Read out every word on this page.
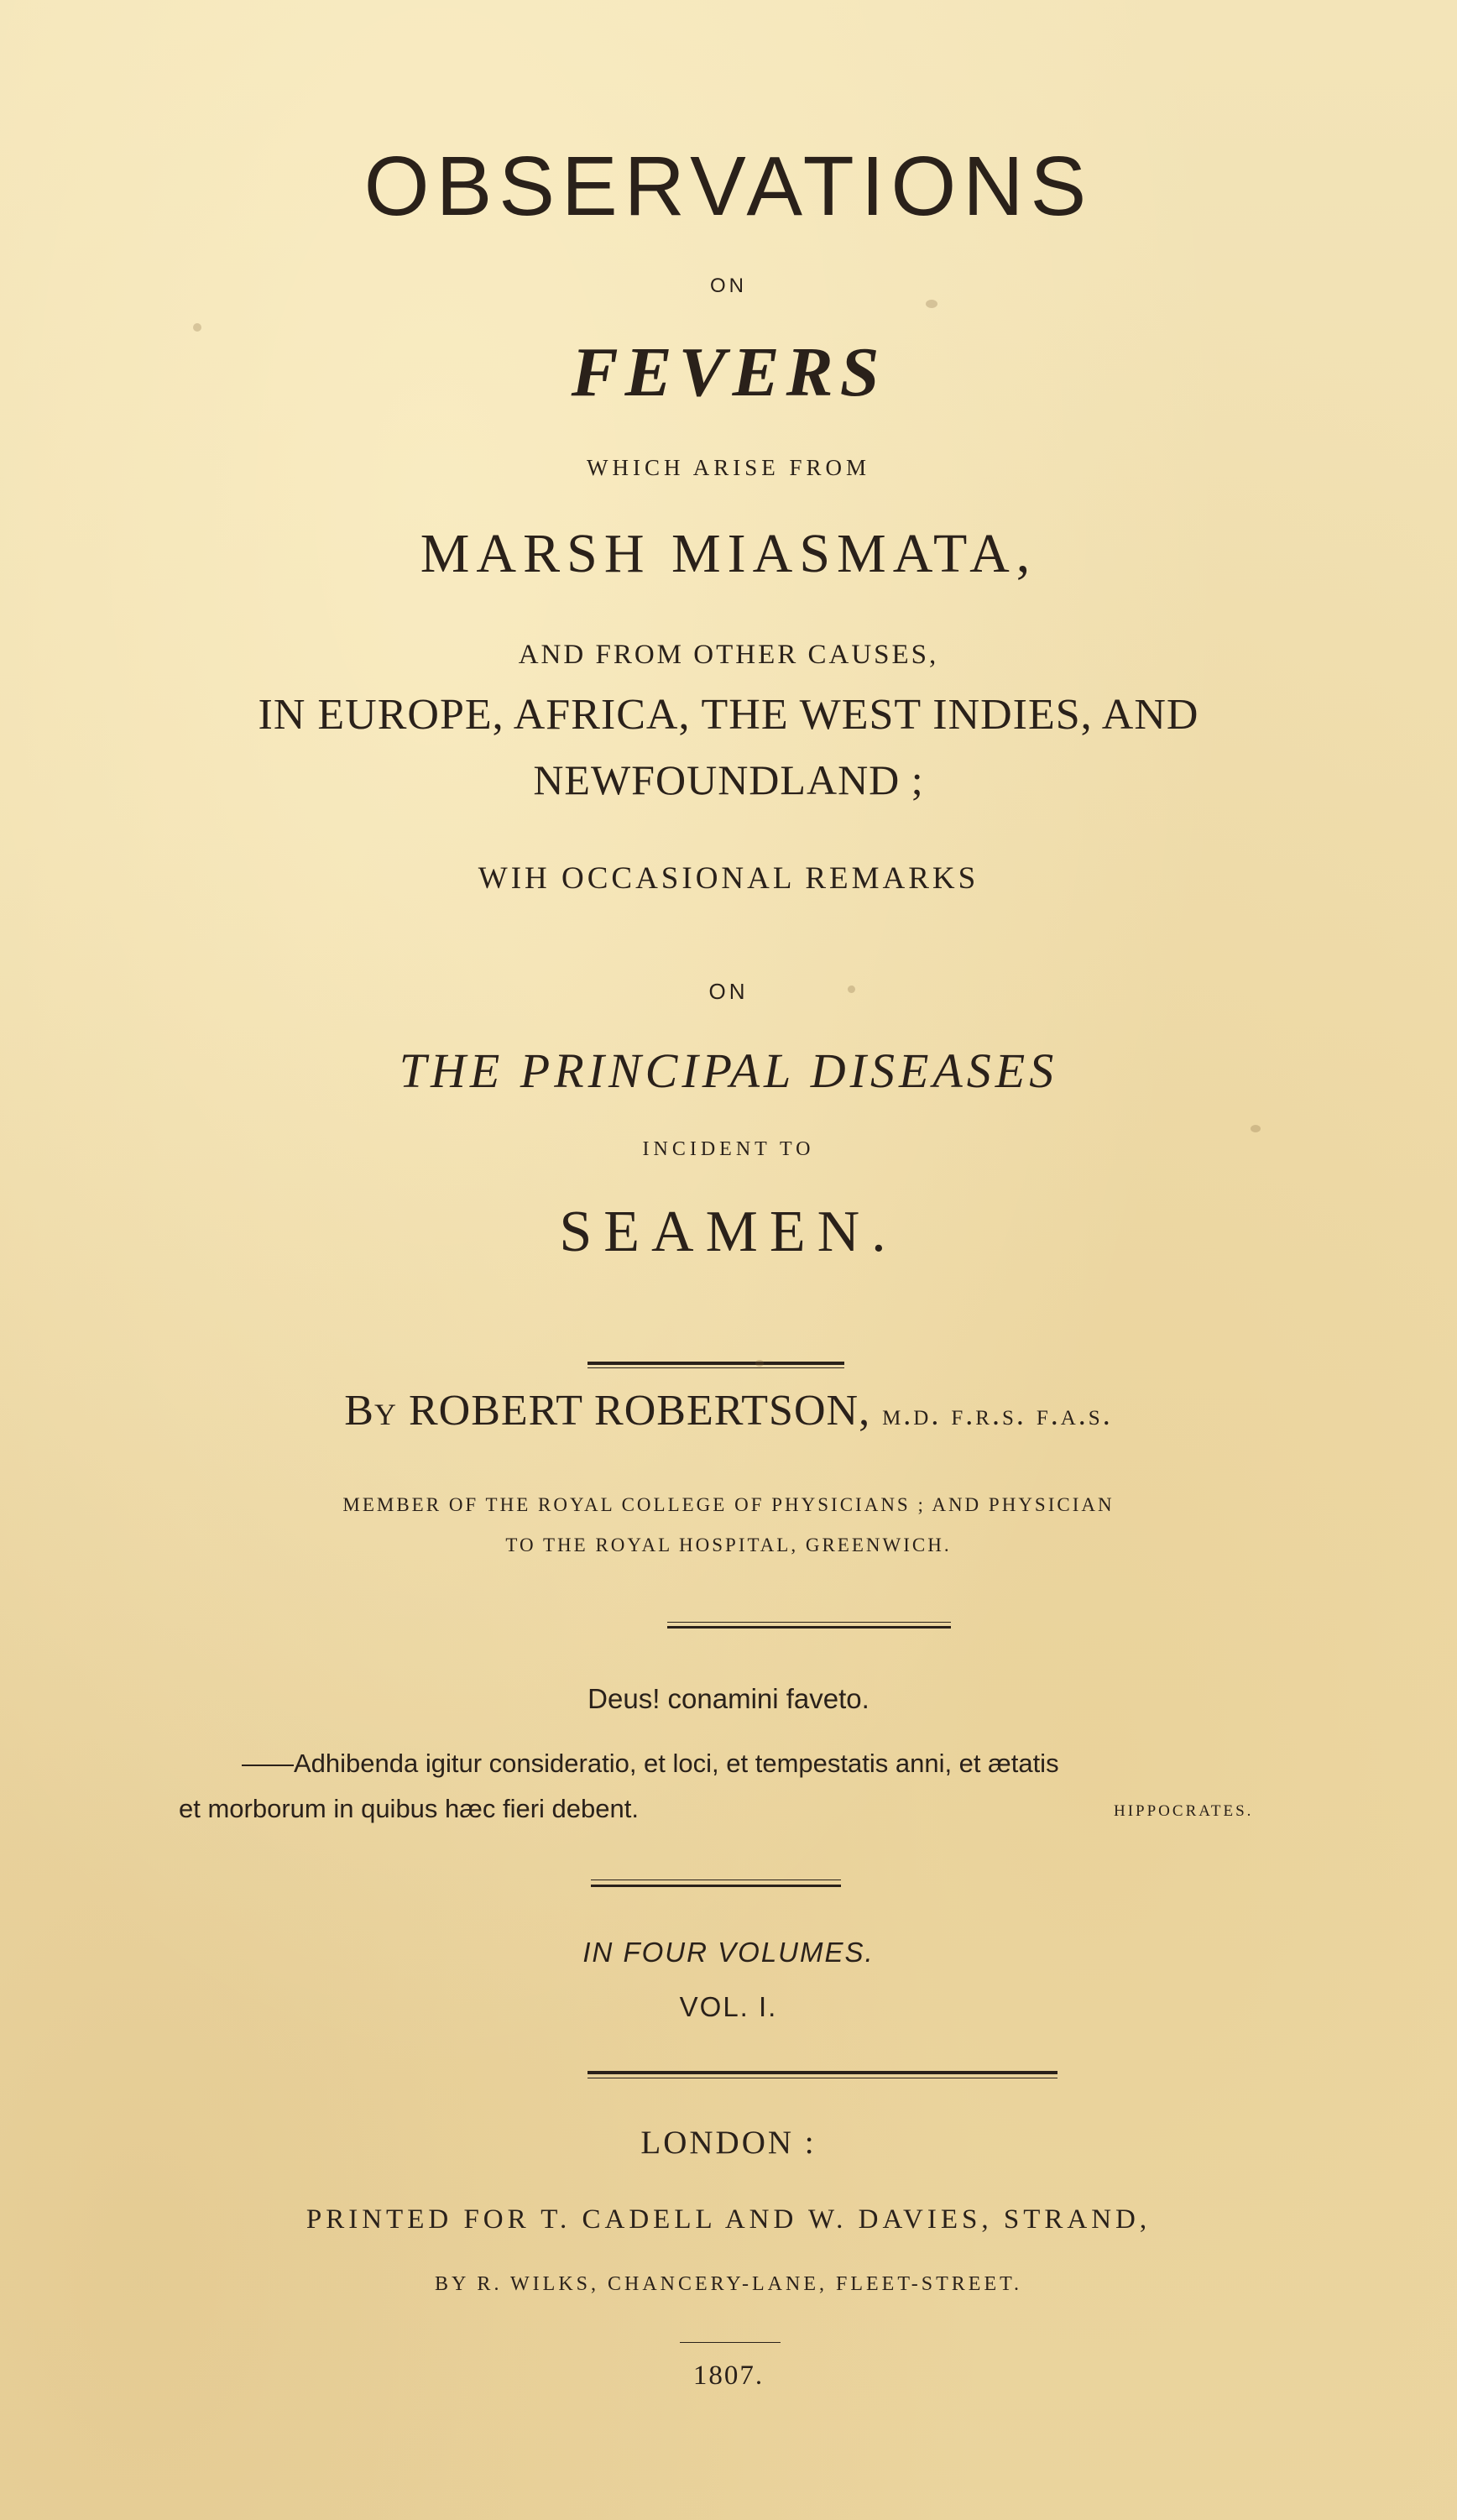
OBSERVATIONS
ON
FEVERS
WHICH ARISE FROM
MARSH MIASMATA,
AND FROM OTHER CAUSES,
IN EUROPE, AFRICA, THE WEST INDIES, AND
NEWFOUNDLAND ;
WIH OCCASIONAL REMARKS
ON
THE PRINCIPAL DISEASES
INCIDENT TO
SEAMEN.
By ROBERT ROBERTSON, m.d. f.r.s. f.a.s.
MEMBER OF THE ROYAL COLLEGE OF PHYSICIANS ; AND PHYSICIAN
TO THE ROYAL HOSPITAL, GREENWICH.
Deus! conamini faveto.
——Adhibenda igitur consideratio, et loci, et tempestatis anni, et ætatis
et morborum in quibus hæc fieri debent.	HIPPOCRATES.
IN FOUR VOLUMES.
VOL. I.
LONDON :
PRINTED FOR T. CADELL AND W. DAVIES, STRAND,
BY R. WILKS, CHANCERY-LANE, FLEET-STREET.
1807.
